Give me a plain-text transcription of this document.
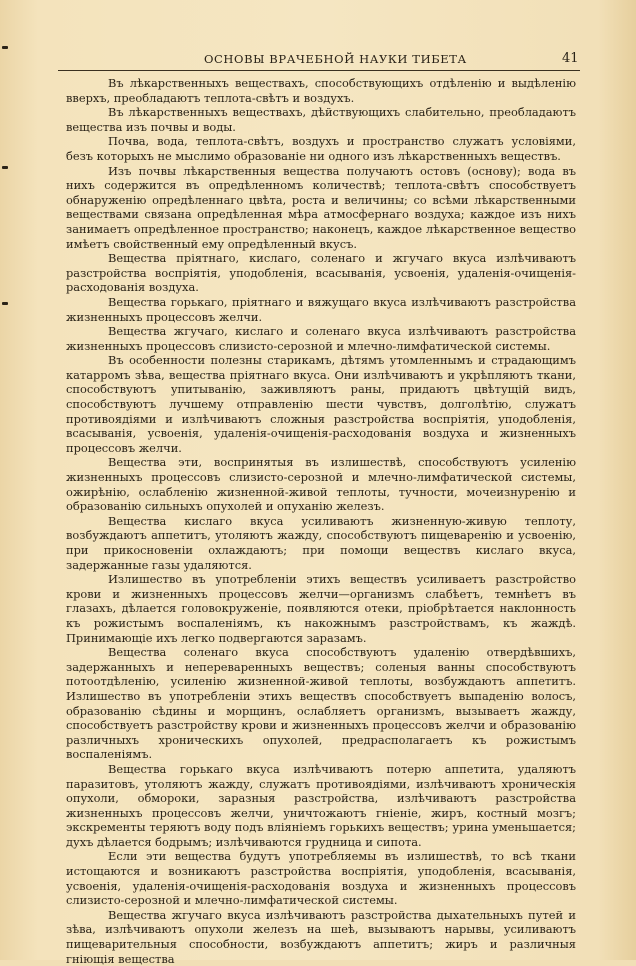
ОСНОВЫ ВРАЧЕБНОЙ НАУКИ ТИБЕТА	41

Въ лѣкарственныхъ веществахъ, способствующихъ отдѣленію и выдѣленію вверхъ, преобладаютъ теплота-свѣтъ и воздухъ.

Въ лѣкарственныхъ веществахъ, дѣйствующихъ слабительно, преобладаютъ вещества изъ почвы и воды.

Почва, вода, теплота-свѣтъ, воздухъ и пространство служатъ условіями, безъ которыхъ не мыслимо образованіе ни одного изъ лѣкарственныхъ веществъ.

Изъ почвы лѣкарственныя вещества получаютъ остовъ (основу); вода въ нихъ содержится въ опредѣленномъ количествѣ; теплота-свѣтъ способствуетъ обнаруженію опредѣленнаго цвѣта, роста и величины; со всѣми лѣкарственными веществами связана опредѣленная мѣра атмосфернаго воздуха; каждое изъ нихъ занимаетъ опредѣленное пространство; наконецъ, каждое лѣкарственное вещество имѣетъ свойственный ему опредѣленный вкусъ.

Вещества пріятнаго, кислаго, соленаго и жгучаго вкуса излѣчиваютъ разстройства воспріятія, уподобленія, всасыванія, усвоенія, удаленія-очищенія-расходованія воздуха.

Вещества горькаго, пріятнаго и вяжущаго вкуса излѣчиваютъ разстройства жизненныхъ процессовъ желчи.

Вещества жгучаго, кислаго и соленаго вкуса излѣчиваютъ разстройства жизненныхъ процессовъ слизисто-серозной и млечно-лимфатической системы.

Въ особенности полезны старикамъ, дѣтямъ утомленнымъ и страдающимъ катарромъ зѣва, вещества пріятнаго вкуса. Они излѣчиваютъ и укрѣпляютъ ткани, способствуютъ упитыванію, заживляютъ раны, придаютъ цвѣтущій видъ, способствуютъ лучшему отправленію шести чувствъ, долголѣтію, служатъ противоядіями и излѣчиваютъ сложныя разстройства воспріятія, уподобленія, всасыванія, усвоенія, удаленія-очищенія-расходованія воздуха и жизненныхъ процессовъ желчи.

Вещества эти, воспринятыя въ излишествѣ, способствуютъ усиленію жизненныхъ процессовъ слизисто-серозной и млечно-лимфатической системы, ожирѣнію, ослабленію жизненной-живой теплоты, тучности, мочеизнуренію и образованію сильныхъ опухолей и опуханію железъ.

Вещества кислаго вкуса усиливаютъ жизненную-живую теплоту, возбуждаютъ аппетитъ, утоляютъ жажду, способствуютъ пищеваренію и усвоенію, при прикосновеніи охлаждаютъ; при помощи веществъ кислаго вкуса, задержанные газы удаляются.

Излишество въ употребленіи этихъ веществъ усиливаетъ разстройство крови и жизненныхъ процессовъ желчи—организмъ слабѣетъ, темнѣетъ въ глазахъ, дѣлается головокруженіе, появляются отеки, пріобрѣтается наклонность къ рожистымъ воспаленіямъ, къ накожнымъ разстройствамъ, къ жаждѣ. Принимающіе ихъ легко подвергаются заразамъ.

Вещества соленаго вкуса способствуютъ удаленію отвердѣвшихъ, задержанныхъ и непереваренныхъ веществъ; соленыя ванны способствуютъ потоотдѣленію, усиленію жизненной-живой теплоты, возбуждаютъ аппетитъ. Излишество въ употребленіи этихъ веществъ способствуетъ выпаденію волосъ, образованію сѣдины и морщинъ, ослабляетъ организмъ, вызываетъ жажду, способствуетъ разстройству крови и жизненныхъ процессовъ желчи и образованію различныхъ хроническихъ опухолей, предрасполагаетъ къ рожистымъ воспаленіямъ.

Вещества горькаго вкуса излѣчиваютъ потерю аппетита, удаляютъ паразитовъ, утоляютъ жажду, служатъ противоядіями, излѣчиваютъ хроническія опухоли, обмороки, заразныя разстройства, излѣчиваютъ разстройства жизненныхъ процессовъ желчи, уничтожаютъ гніеніе, жиръ, костный мозгъ; экскременты теряютъ воду подъ вліяніемъ горькихъ веществъ; урина уменьшается; духъ дѣлается бодрымъ; излѣчиваются грудница и сипота.

Если эти вещества будутъ употребляемы въ излишествѣ, то всѣ ткани истощаются и возникаютъ разстройства воспріятія, уподобленія, всасыванія, усвоенія, удаленія-очищенія-расходованія воздуха и жизненныхъ процессовъ слизисто-серозной и млечно-лимфатической системы.

Вещества жгучаго вкуса излѣчиваютъ разстройства дыхательныхъ путей и зѣва, излѣчиваютъ опухоли железъ на шеѣ, вызываютъ нарывы, усиливаютъ пищеварительныя способности, возбуждаютъ аппетитъ; жиръ и различныя гніющія вещества
